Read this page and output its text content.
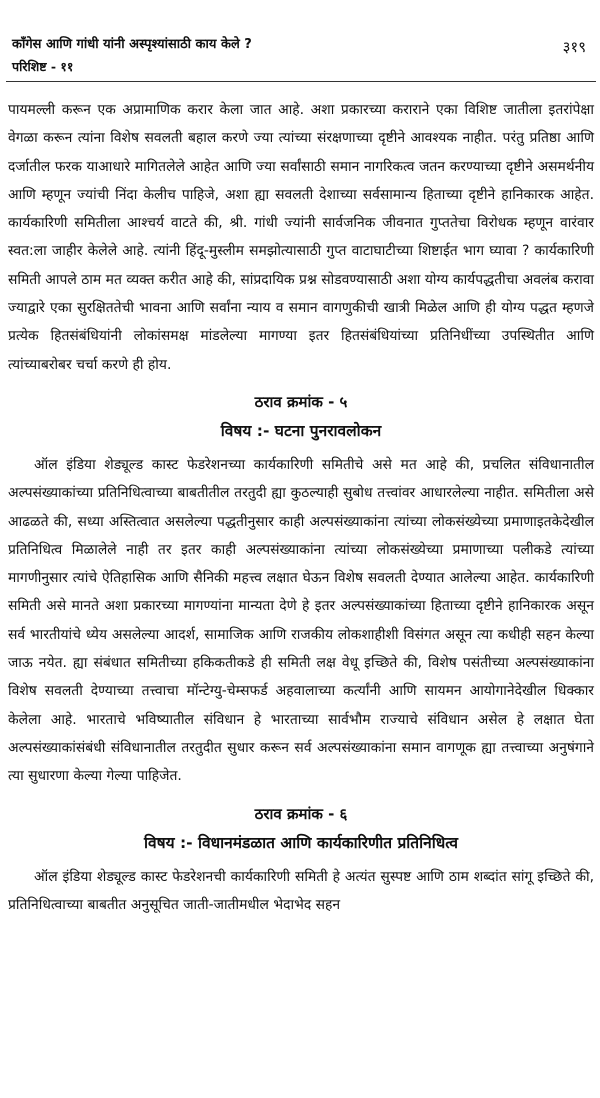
कॉंगेस आणि गांधी यांनी अस्पृश्यांसाठी काय केले ?	३१९
परिशिष्ट - ११

पायमल्ली करून एक अप्रामाणिक करार केला जात आहे. अशा प्रकारच्या कराराने एका विशिष्ट जातीला इतरांपेक्षा वेगळा करून त्यांना विशेष सवलती बहाल करणे ज्या त्यांच्या संरक्षणाच्या दृष्टीने आवश्यक नाहीत. परंतु प्रतिष्ठा आणि दर्जातील फरक याआधारे मागितलेले आहेत आणि ज्या सर्वांसाठी समान नागरिकत्व जतन करण्याच्या दृष्टीने असमर्थनीय आणि म्हणून ज्यांची निंदा केलीच पाहिजे, अशा ह्या सवलती देशाच्या सर्वसामान्य हिताच्या दृष्टीने हानिकारक आहेत. कार्यकारिणी समितीला आश्चर्य वाटते की, श्री. गांधी ज्यांनी सार्वजनिक जीवनात गुप्ततेचा विरोधक म्हणून वारंवार स्वत:ला जाहीर केलेले आहे. त्यांनी हिंदू-मुस्लीम समझोत्यासाठी गुप्त वाटाघाटीच्या शिष्टाईत भाग घ्यावा ? कार्यकारिणी समिती आपले ठाम मत व्यक्त करीत आहे की, सांप्रदायिक प्रश्न सोडवण्यासाठी अशा योग्य कार्यपद्धतीचा अवलंब करावा ज्याद्वारे एका सुरक्षिततेची भावना आणि सर्वांना न्याय व समान वागणुकीची खात्री मिळेल आणि ही योग्य पद्धत म्हणजे प्रत्येक हितसंबंधियांनी लोकांसमक्ष मांडलेल्या मागण्या इतर हितसंबंधियांच्या प्रतिनिधींच्या उपस्थितीत आणि त्यांच्याबरोबर चर्चा करणे ही होय.

ठराव क्रमांक - ५
विषय :- घटना पुनरावलोकन

ऑल इंडिया शेड्यूल्ड कास्ट फेडरेशनच्या कार्यकारिणी समितीचे असे मत आहे की, प्रचलित संविधानातील अल्पसंख्याकांच्या प्रतिनिधित्वाच्या बाबतीतील तरतुदी ह्या कुठल्याही सुबोध तत्त्वांवर आधारलेल्या नाहीत. समितीला असे आढळते की, सध्या अस्तित्वात असलेल्या पद्धतीनुसार काही अल्पसंख्याकांना त्यांच्या लोकसंख्येच्या प्रमाणाइतकेदेखील प्रतिनिधित्व मिळालेले नाही तर इतर काही अल्पसंख्याकांना त्यांच्या लोकसंख्येच्या प्रमाणाच्या पलीकडे त्यांच्या मागणीनुसार त्यांचे ऐतिहासिक आणि सैनिकी महत्त्व लक्षात घेऊन विशेष सवलती देण्यात आलेल्या आहेत. कार्यकारिणी समिती असे मानते अशा प्रकारच्या मागण्यांना मान्यता देणे हे इतर अल्पसंख्याकांच्या हिताच्या दृष्टीने हानिकारक असून सर्व भारतीयांचे ध्येय असलेल्या आदर्श, सामाजिक आणि राजकीय लोकशाहीशी विसंगत असून त्या कधीही सहन केल्या जाऊ नयेत. ह्या संबंधात समितीच्या हकिकतीकडे ही समिती लक्ष वेधू इच्छिते की, विशेष पसंतीच्या अल्पसंख्याकांना विशेष सवलती देण्याच्या तत्त्वाचा मॉन्टेग्यु-चेम्सफर्ड अहवालाच्या कर्त्यांनी आणि सायमन आयोगानेदेखील धिक्कार केलेला आहे. भारताचे भविष्यातील संविधान हे भारताच्या सार्वभौम राज्याचे संविधान असेल हे लक्षात घेता अल्पसंख्याकांसंबंधी संविधानातील तरतुदीत सुधार करून सर्व अल्पसंख्याकांना समान वागणूक ह्या तत्त्वाच्या अनुषंगाने त्या सुधारणा केल्या गेल्या पाहिजेत.

ठराव क्रमांक - ६
विषय :- विधानमंडळात आणि कार्यकारिणीत प्रतिनिधित्व

ऑल इंडिया शेड्यूल्ड कास्ट फेडरेशनची कार्यकारिणी समिती हे अत्यंत सुस्पष्ट आणि ठाम शब्दांत सांगू इच्छिते की, प्रतिनिधित्वाच्या बाबतीत अनुसूचित जाती-जातीमधील भेदाभेद सहन
